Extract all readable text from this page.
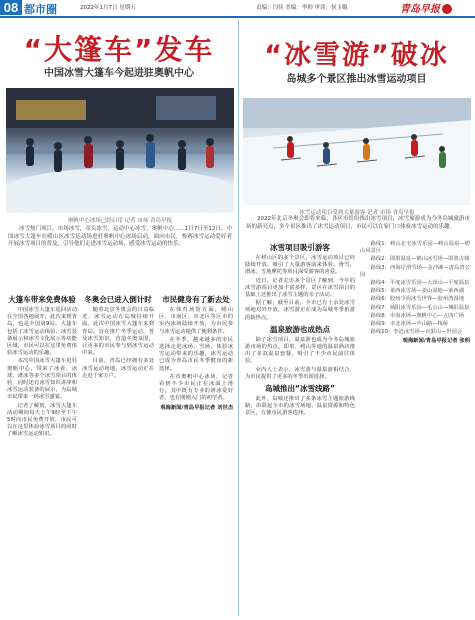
08 都市圈	2022年1月7日 星期五	责编：闫佳 美编：李帅 审读：侯玉娥	青岛早报
“大篷车”发车
中国冰雪大篷车今起进驻奥帆中心
奥帆中心冰场已经启用 记者 市场 青岛早报

冰雪热门项目，市场冰雪，章头冰雪，运动中心冰雪，奥帆中心……1月7日至12日，中国冰雪大篷车在崂山区冰雪运动场进驻奥帆中心冰场启动，面向市民，参赛冰雪运动爱好者开展冰雪项目的普及，引导他们走进冰雪运动场，感受冰雪运动的快乐。

大篷车带来免费体验

中国冰雪大篷车巡回活动在全国各地展开，此次来到青岛，也是全国第9站。大篷车包括了冰雪运动体验、冰雪装备展示和冰雪文化展示等功能区域，市民可以在这里免费体验冰雪运动的乐趣。

本次中国冰雪大篷车进驻奥帆中心，带来了冰壶、冰球、滑冰等多个冰雪项目的体验，同时还有冰雪知识讲座和冰雪运动装备的展示，为岛城市民带来一场冰雪盛宴。

记者了解到，冰雪大篷车活动期间每天上午9时至下午5时向市民免费开放，市民可以在这里体验冰雪项目的同时了解冰雪运动知识。

冬奥会已进入倒计时

随着北京冬奥会的日益临近，冰雪运动在岛城持续升温。此次中国冰雪大篷车来到青岛，旨在推广冬季运动，普及冰雪知识，营造冬奥氛围，让更多的市民参与到冰雪运动中来。

目前，青岛已经拥有多处冰雪运动场地，冰雪运动正在走进千家万户。

市民健身有了新去处

在体育场馆方面，崂山区、市南区、市北区等区市的室内冰场陆续开放，为市民参与冰雪运动提供了便利条件。

在冬季，越来越多的市民选择走进冰场、雪场，体验冰雪运动带来的乐趣，冰雪运动已成为青岛市民冬季健身的新选择。

在市奥帆中心冰场，记者看到不少市民正在冰面上滑行，其中既有专业的滑冰爱好者，也有刚刚入门的初学者。

观海新闻/青岛早报记者 刘世杰

“冰雪游”破冰
岛城多个景区推出冰雪运动项目
冰雪运动项目受到大量游客 记者 市场 青岛早报

2022年北京冬奥会即将来临，各区市纷纷推出冰雪项目，冰雪旅游成为今冬岛城旅游市场的新亮点，多个景区推出了冰雪运动项目，市民可以在家门口体验冰雪运动的乐趣。

冰雪项目吸引游客

在崂山区的多个景区，冰雪运动项目已经陆续开放，吸引了大量游客前来体验。滑雪、滑冰、雪地摩托等项目深受游客的喜爱。

近日，记者走访多个景区了解到，今年的冰雪游项目更加丰富多样，景区在冰雪项目的基础上还推出了冰雪主题的亲子活动。

据了解，截至目前，全市已有十余处冰雪场地对外开放，冰雪游正在成为岛城冬季旅游的新热点。

温泉旅游也成热点

除了冰雪项目，温泉游也成为今冬岛城旅游市场的热点。即墨、崂山等地的温泉酒店推出了多款温泉套餐，吸引了不少市民前往体验。

业内人士表示，冰雪游与温泉游相结合，为市民提供了更多的冬季出游选择。

岛城推出“冰雪线路”

此外，岛城还推出了多条冰雪主题旅游线路，串联起全市的冰雪场地、温泉资源和特色景区，方便市民游客选择。

路线1：崂山北宅冰雪乐园—崂山温泉—崂山风景区

路线2：即墨温泉—鹤山冰雪场—即墨古城

路线3：西海岸滑雪场—金沙滩—唐岛湾公园

路线4：平度冰雪乐园—大泽山—平度温泉

路线5：莱西冰雪场—姜山湿地—莱西湖

路线6：胶州少海冰雪世界—胶州湾湿地

路线7：城阳冰雪乐园—毛公山—城阳温泉

路线8：市南冰场—奥帆中心—五四广场

路线9：市北冰场—中山路—栈桥

路线10：李沧冰雪场—百果山—世园会

观海新闻/青岛早报记者 张明
